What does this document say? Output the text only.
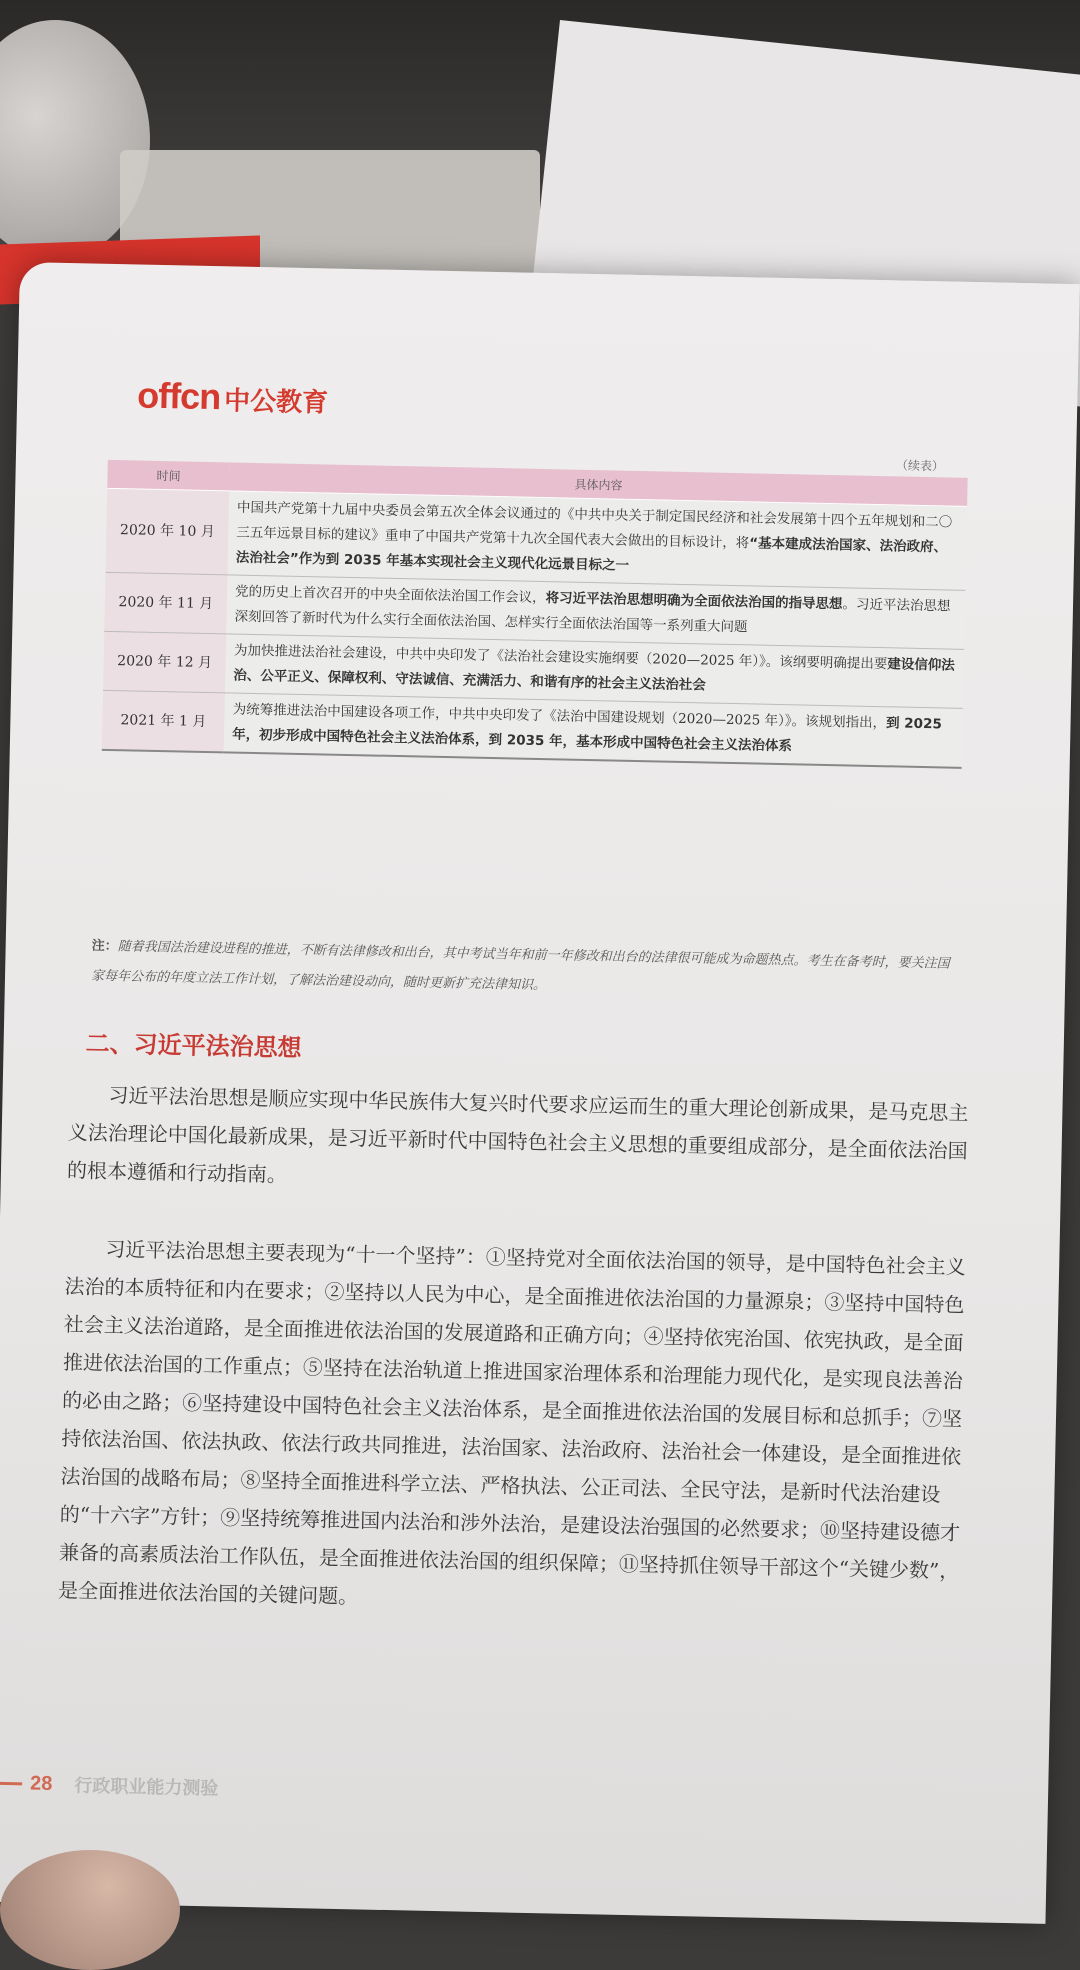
offcn 中公教育
（续表）
时间	具体内容
2020 年 10 月	中国共产党第十九届中央委员会第五次全体会议通过的《中共中央关于制定国民经济和社会发展第十四个五年规划和二〇三五年远景目标的建议》重申了中国共产党第十九次全国代表大会做出的目标设计，将“基本建成法治国家、法治政府、法治社会”作为到 2035 年基本实现社会主义现代化远景目标之一
2020 年 11 月	党的历史上首次召开的中央全面依法治国工作会议，将习近平法治思想明确为全面依法治国的指导思想。习近平法治思想深刻回答了新时代为什么实行全面依法治国、怎样实行全面依法治国等一系列重大问题
2020 年 12 月	为加快推进法治社会建设，中共中央印发了《法治社会建设实施纲要（2020—2025 年）》。该纲要明确提出要建设信仰法治、公平正义、保障权利、守法诚信、充满活力、和谐有序的社会主义法治社会
2021 年 1 月	为统筹推进法治中国建设各项工作，中共中央印发了《法治中国建设规划（2020—2025 年）》。该规划指出，到 2025 年，初步形成中国特色社会主义法治体系，到 2035 年，基本形成中国特色社会主义法治体系
注：随着我国法治建设进程的推进，不断有法律修改和出台，其中考试当年和前一年修改和出台的法律很可能成为命题热点。考生在备考时，要关注国家每年公布的年度立法工作计划，了解法治建设动向，随时更新扩充法律知识。
二、习近平法治思想
习近平法治思想是顺应实现中华民族伟大复兴时代要求应运而生的重大理论创新成果，是马克思主义法治理论中国化最新成果，是习近平新时代中国特色社会主义思想的重要组成部分，是全面依法治国的根本遵循和行动指南。
习近平法治思想主要表现为“十一个坚持”：①坚持党对全面依法治国的领导，是中国特色社会主义法治的本质特征和内在要求；②坚持以人民为中心，是全面推进依法治国的力量源泉；③坚持中国特色社会主义法治道路，是全面推进依法治国的发展道路和正确方向；④坚持依宪治国、依宪执政，是全面推进依法治国的工作重点；⑤坚持在法治轨道上推进国家治理体系和治理能力现代化，是实现良法善治的必由之路；⑥坚持建设中国特色社会主义法治体系，是全面推进依法治国的发展目标和总抓手；⑦坚持依法治国、依法执政、依法行政共同推进，法治国家、法治政府、法治社会一体建设，是全面推进依法治国的战略布局；⑧坚持全面推进科学立法、严格执法、公正司法、全民守法，是新时代法治建设的“十六字”方针；⑨坚持统筹推进国内法治和涉外法治，是建设法治强国的必然要求；⑩坚持建设德才兼备的高素质法治工作队伍，是全面推进依法治国的组织保障；⑪坚持抓住领导干部这个“关键少数”，是全面推进依法治国的关键问题。
28 行政职业能力测验
